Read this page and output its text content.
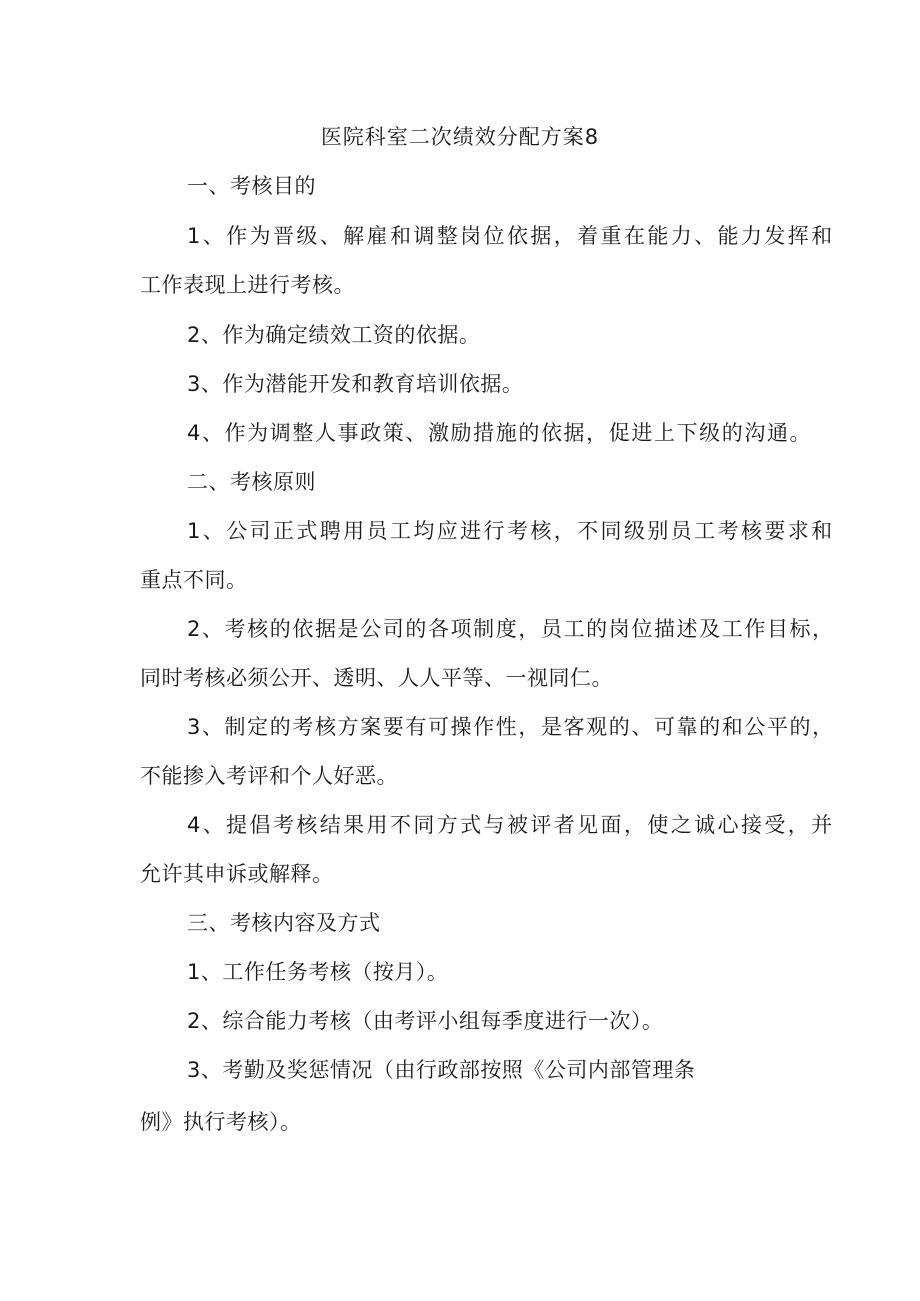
医院科室二次绩效分配方案8
一、考核目的
1、作为晋级、解雇和调整岗位依据，着重在能力、能力发挥和
工作表现上进行考核。
2、作为确定绩效工资的依据。
3、作为潜能开发和教育培训依据。
4、作为调整人事政策、激励措施的依据，促进上下级的沟通。
二、考核原则
1、公司正式聘用员工均应进行考核，不同级别员工考核要求和
重点不同。
2、考核的依据是公司的各项制度，员工的岗位描述及工作目标，
同时考核必须公开、透明、人人平等、一视同仁。
3、制定的考核方案要有可操作性，是客观的、可靠的和公平的，
不能掺入考评和个人好恶。
4、提倡考核结果用不同方式与被评者见面，使之诚心接受，并
允许其申诉或解释。
三、考核内容及方式
1、工作任务考核（按月）。
2、综合能力考核（由考评小组每季度进行一次）。
3、考勤及奖惩情况（由行政部按照《公司内部管理条
例》执行考核）。
